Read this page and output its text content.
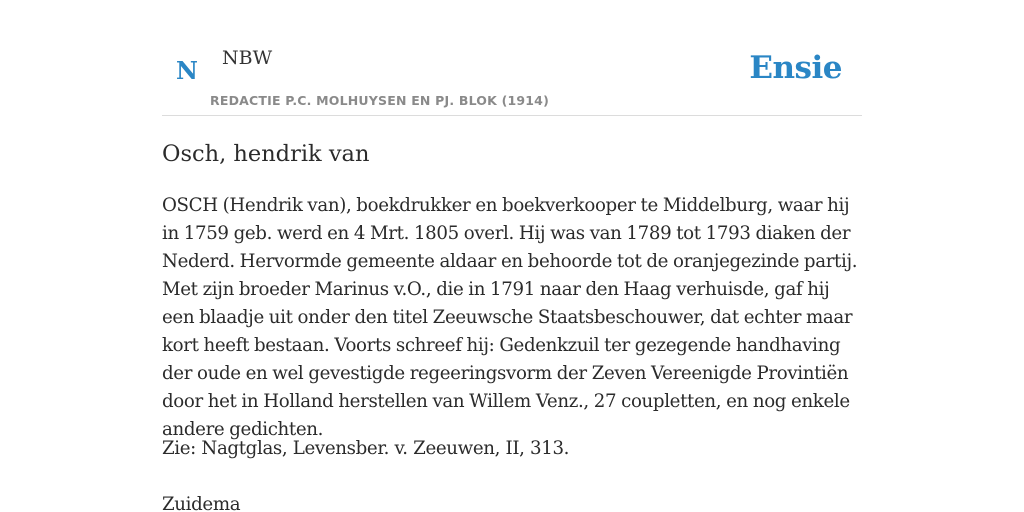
N NBW
REDACTIE P.C. MOLHUYSEN EN PJ. BLOK (1914)
Ensie
Osch, hendrik van

OSCH (Hendrik van), boekdrukker en boekverkooper te Middelburg, waar hij in 1759 geb. werd en 4 Mrt. 1805 overl. Hij was van 1789 tot 1793 diaken der Nederd. Hervormde gemeente aldaar en behoorde tot de oranjegezinde partij. Met zijn broeder Marinus v.O., die in 1791 naar den Haag verhuisde, gaf hij een blaadje uit onder den titel Zeeuwsche Staatsbeschouwer, dat echter maar kort heeft bestaan. Voorts schreef hij: Gedenkzuil ter gezegende handhaving der oude en wel gevestigde regeeringsvorm der Zeven Vereenigde Provintiën door het in Holland herstellen van Willem Venz., 27 coupletten, en nog enkele andere gedichten.

Zie: Nagtglas, Levensber. v. Zeeuwen, II, 313.

Zuidema
